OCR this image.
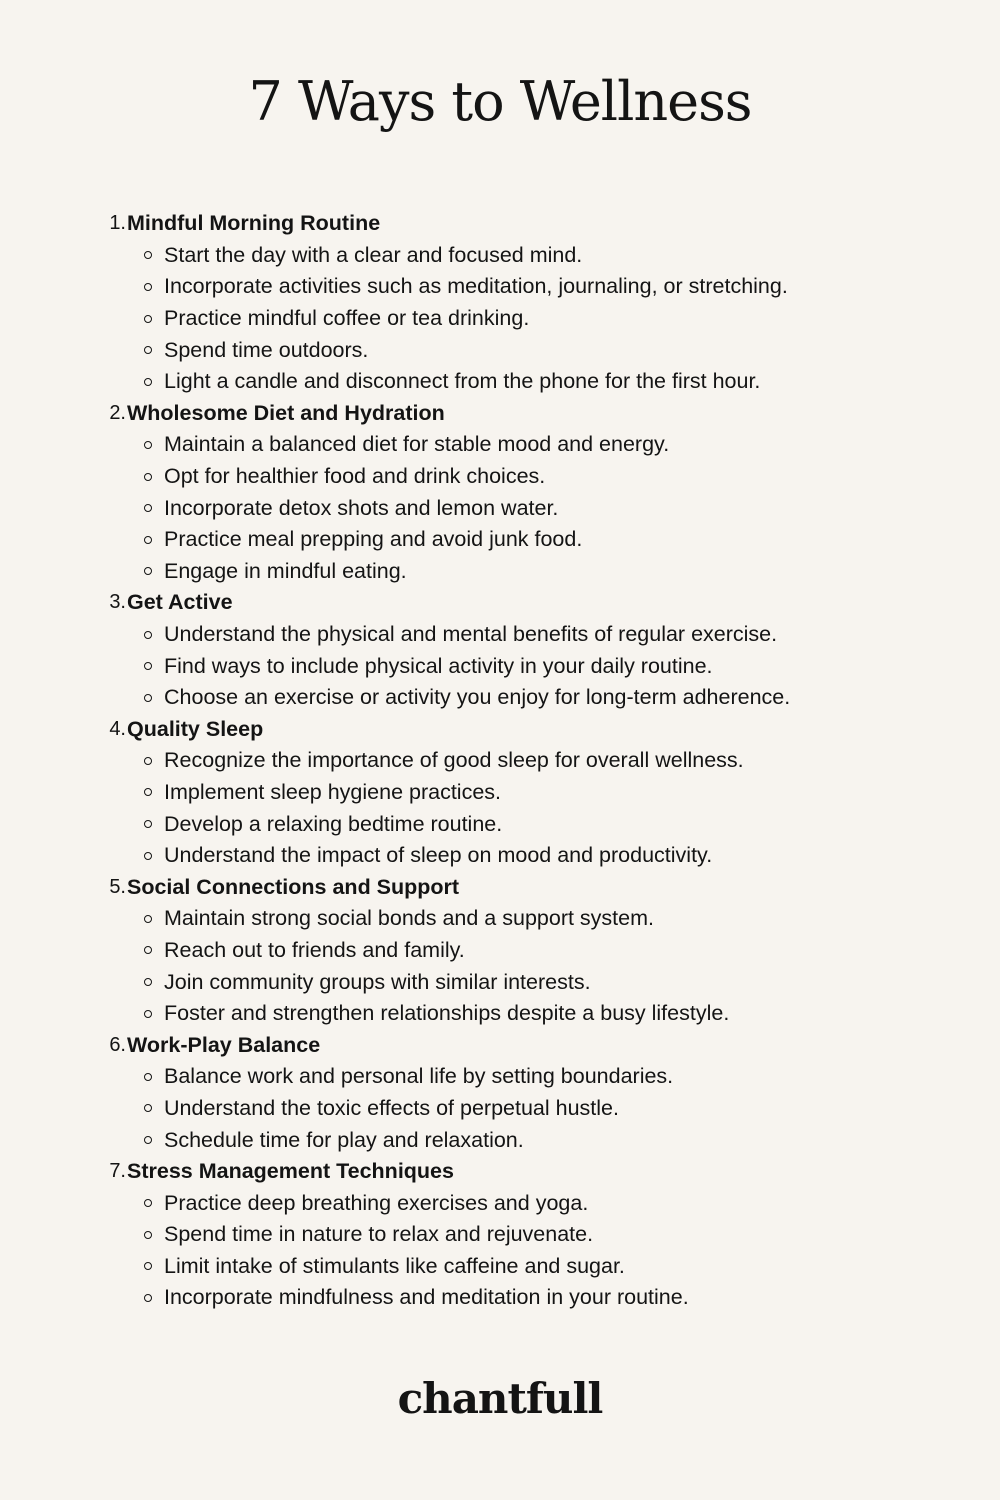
7 Ways to Wellness
1. Mindful Morning Routine
Start the day with a clear and focused mind.
Incorporate activities such as meditation, journaling, or stretching.
Practice mindful coffee or tea drinking.
Spend time outdoors.
Light a candle and disconnect from the phone for the first hour.
2. Wholesome Diet and Hydration
Maintain a balanced diet for stable mood and energy.
Opt for healthier food and drink choices.
Incorporate detox shots and lemon water.
Practice meal prepping and avoid junk food.
Engage in mindful eating.
3. Get Active
Understand the physical and mental benefits of regular exercise.
Find ways to include physical activity in your daily routine.
Choose an exercise or activity you enjoy for long-term adherence.
4. Quality Sleep
Recognize the importance of good sleep for overall wellness.
Implement sleep hygiene practices.
Develop a relaxing bedtime routine.
Understand the impact of sleep on mood and productivity.
5. Social Connections and Support
Maintain strong social bonds and a support system.
Reach out to friends and family.
Join community groups with similar interests.
Foster and strengthen relationships despite a busy lifestyle.
6. Work-Play Balance
Balance work and personal life by setting boundaries.
Understand the toxic effects of perpetual hustle.
Schedule time for play and relaxation.
7. Stress Management Techniques
Practice deep breathing exercises and yoga.
Spend time in nature to relax and rejuvenate.
Limit intake of stimulants like caffeine and sugar.
Incorporate mindfulness and meditation in your routine.
chantfull
